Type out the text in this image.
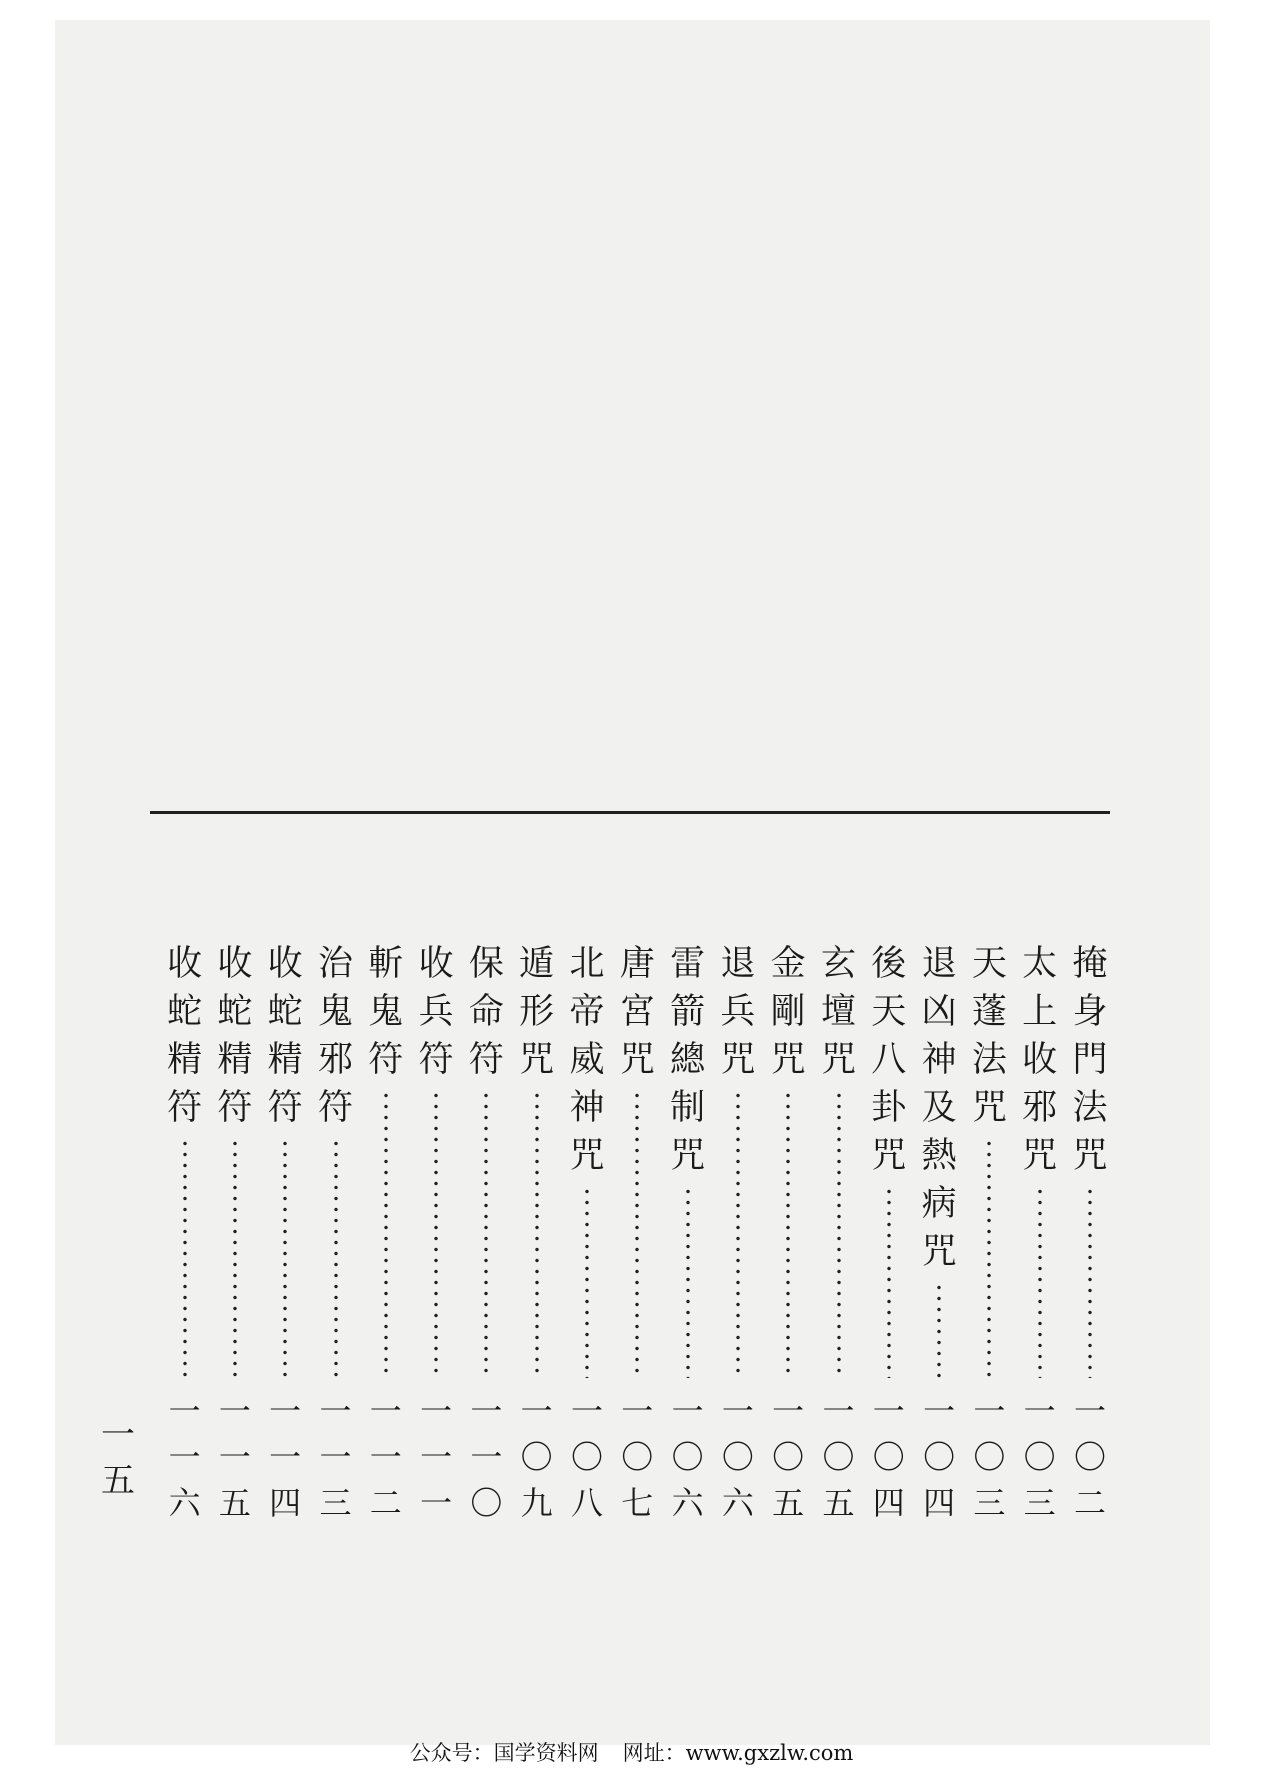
掩
身
門
法
咒
一
〇
二
太
上
收
邪
咒
一
〇
三
天
蓬
法
咒
一
〇
三
退
凶
神
及
熱
病
咒
一
〇
四
後
天
八
卦
咒
一
〇
四
玄
壇
咒
一
〇
五
金
剛
咒
一
〇
五
退
兵
咒
一
〇
六
雷
箭
總
制
咒
一
〇
六
唐
宮
咒
一
〇
七
北
帝
威
神
咒
一
〇
八
遁
形
咒
一
〇
九
保
命
符
一
一
〇
收
兵
符
一
一
一
斬
鬼
符
一
一
二
治
鬼
邪
符
一
一
三
收
蛇
精
符
一
一
四
收
蛇
精
符
一
一
五
收
蛇
精
符
一
一
六
一
五
公众号：国学资料网 网址：www.gxzlw.com
